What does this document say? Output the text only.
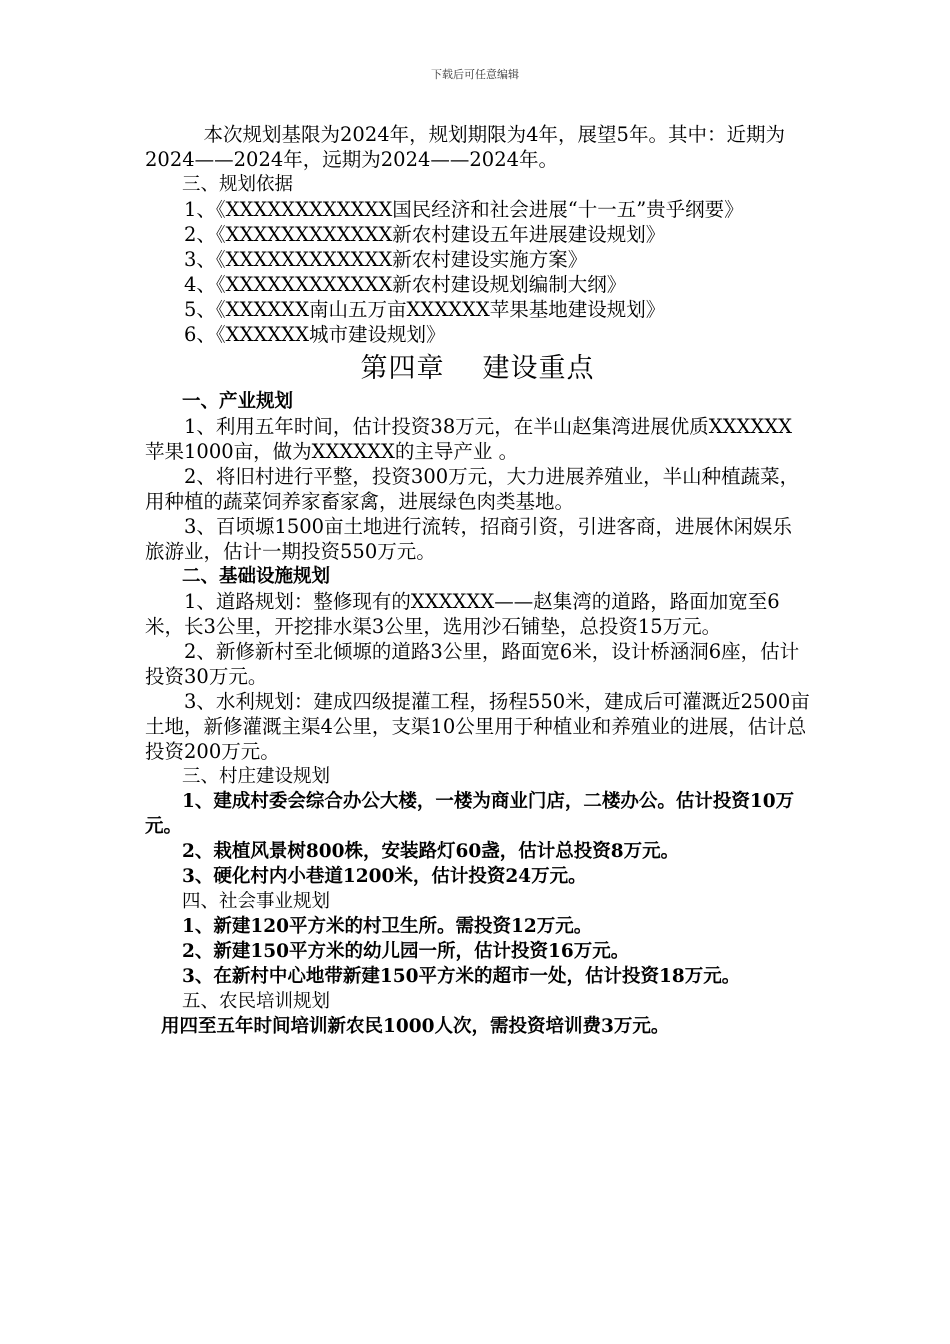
下载后可任意编辑

本次规划基限为2024年，规划期限为4年，展望5年。其中：近期为2024——2024年，远期为2024——2024年。

三、规划依据

1、《XXXXXXXXXXXX国民经济和社会进展“十一五”贵乎纲要》

2、《XXXXXXXXXXXX新农村建设五年进展建设规划》

3、《XXXXXXXXXXXX新农村建设实施方案》

4、《XXXXXXXXXXXX新农村建设规划编制大纲》

5、《XXXXXX南山五万亩XXXXXX苹果基地建设规划》

6、《XXXXXX城市建设规划》

第四章 建设重点

一、产业规划

1、利用五年时间，估计投资38万元，在半山赵集湾进展优质XXXXXX苹果1000亩，做为XXXXXX的主导产业 。

2、将旧村进行平整，投资300万元，大力进展养殖业，半山种植蔬菜，用种植的蔬菜饲养家畜家禽，进展绿色肉类基地。

3、百顷塬1500亩土地进行流转，招商引资，引进客商，进展休闲娱乐旅游业，估计一期投资550万元。

二、基础设施规划

1、道路规划：整修现有的XXXXXX——赵集湾的道路，路面加宽至6米，长3公里，开挖排水渠3公里，选用沙石铺垫，总投资15万元。

2、新修新村至北倾塬的道路3公里，路面宽6米，设计桥涵洞6座，估计投资30万元。

3、水利规划：建成四级提灌工程，扬程550米，建成后可灌溉近2500亩土地，新修灌溉主渠4公里，支渠10公里用于种植业和养殖业的进展，估计总投资200万元。

三、村庄建设规划

1、建成村委会综合办公大楼，一楼为商业门店，二楼办公。估计投资10万元。

2、栽植风景树800株，安装路灯60盏，估计总投资8万元。

3、硬化村内小巷道1200米，估计投资24万元。

四、社会事业规划

1、新建120平方米的村卫生所。需投资12万元。

2、新建150平方米的幼儿园一所，估计投资16万元。

3、在新村中心地带新建150平方米的超市一处，估计投资18万元。

五、农民培训规划

用四至五年时间培训新农民1000人次，需投资培训费3万元。
